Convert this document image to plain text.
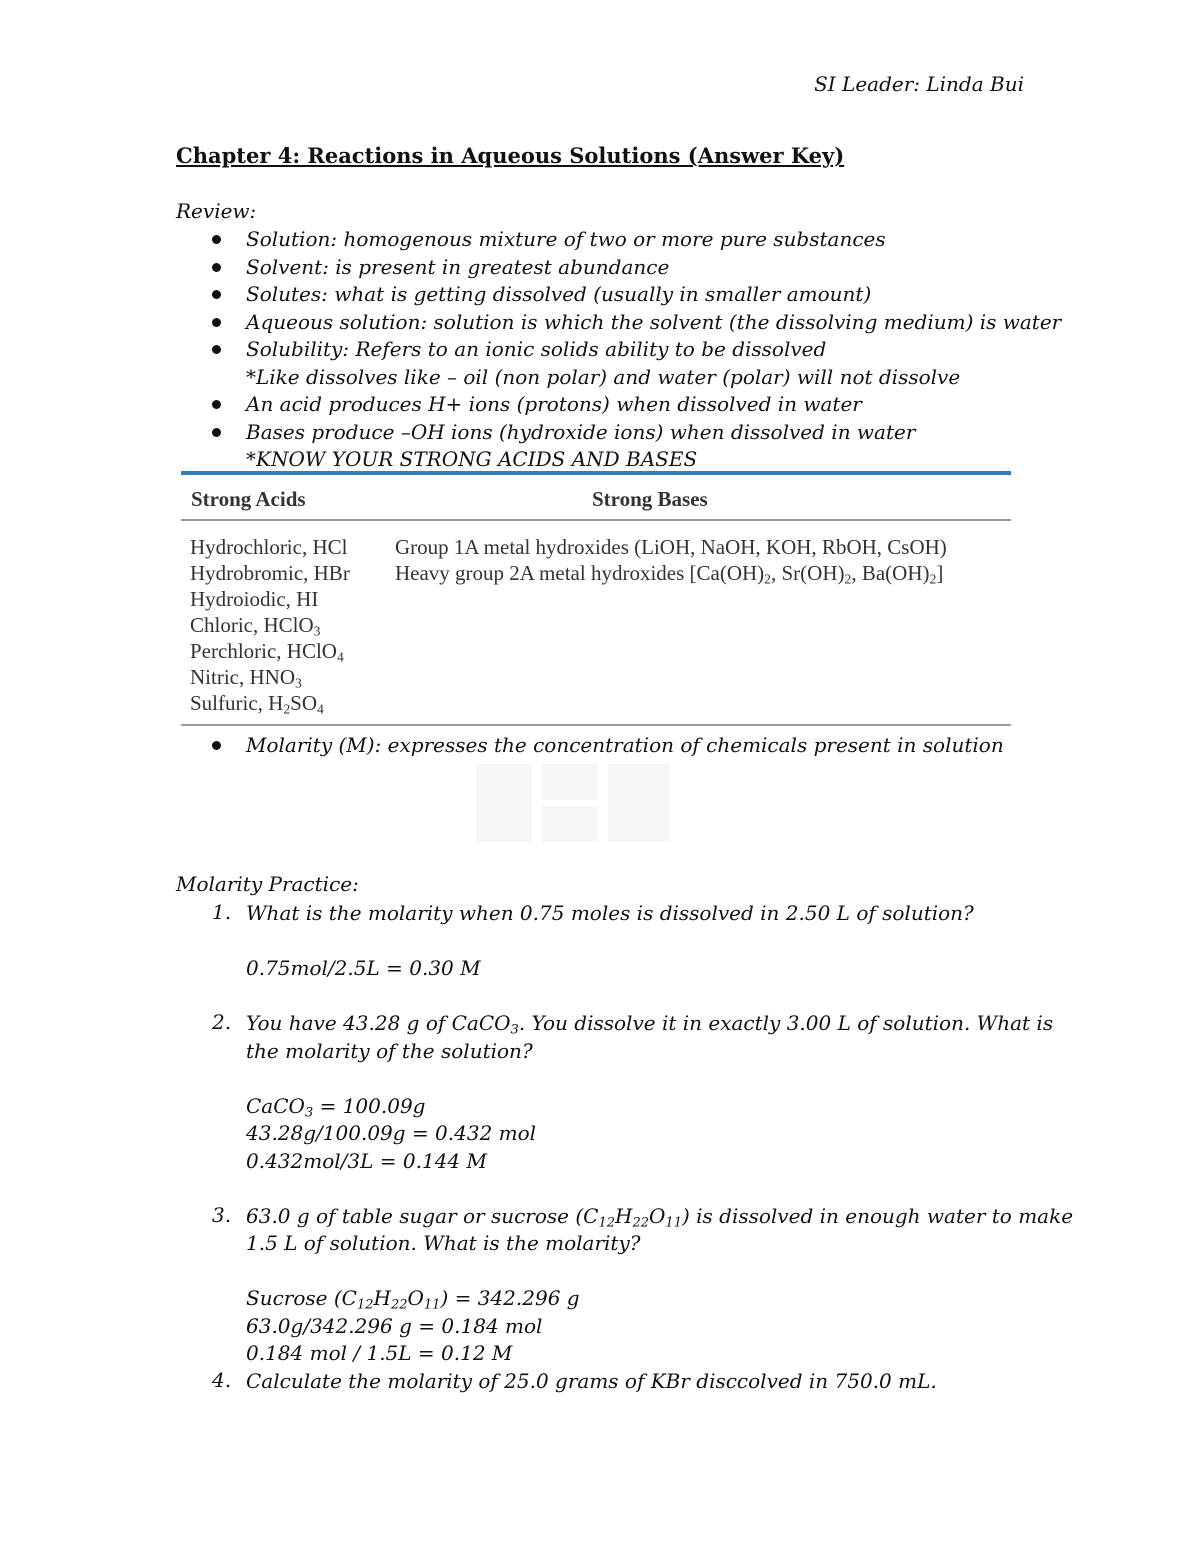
SI Leader: Linda Bui

Chapter 4: Reactions in Aqueous Solutions (Answer Key)

Review:

Solution: homogenous mixture of two or more pure substances
Solvent: is present in greatest abundance
Solutes: what is getting dissolved (usually in smaller amount)
Aqueous solution: solution is which the solvent (the dissolving medium) is water
Solubility: Refers to an ionic solids ability to be dissolved
*Like dissolves like – oil (non polar) and water (polar) will not dissolve
An acid produces H+ ions (protons) when dissolved in water
Bases produce –OH ions (hydroxide ions) when dissolved in water
*KNOW YOUR STRONG ACIDS AND BASES
Strong Acids	Strong Bases
Hydrochloric, HCl
Hydrobromic, HBr
Hydroiodic, HI
Chloric, HClO$_3$
Perchloric, HClO$_4$
Nitric, $HNO_3$
Sulfuric, $H_2SO_4$
Group 1A metal hydroxides (LiOH, NaOH, KOH, RbOH, CsOH)
Heavy group 2A metal hydroxides [$Ca(OH)_2$, $Sr(OH)_2$, $Ba(OH)_2$]
Molarity (M): expresses the concentration of chemicals present in solution

Molarity Practice:

1. What is the molarity when 0.75 moles is dissolved in 2.50 L of solution?
0.75mol/2.5L = 0.30 M
2. You have 43.28 g of CaCO$_3$. You dissolve it in exactly 3.00 L of solution. What is
the molarity of the solution?
CaCO$_3$ = 100.09g
43.28g/100.09g = 0.432 mol
0.432mol/3L = 0.144 M
3. 63.0 g of table sugar or sucrose $(C_{12}H_{22}O_{11})$ is dissolved in enough water to make
1.5 L of solution. What is the molarity?
Sucrose $(C_{12}H_{22}O_{11}) = 342.296$ g
63.0g/342.296 g = 0.184 mol
0.184 mol / 1.5L = 0.12 M
4. Calculate the molarity of 25.0 grams of KBr disccolved in 750.0 mL.
